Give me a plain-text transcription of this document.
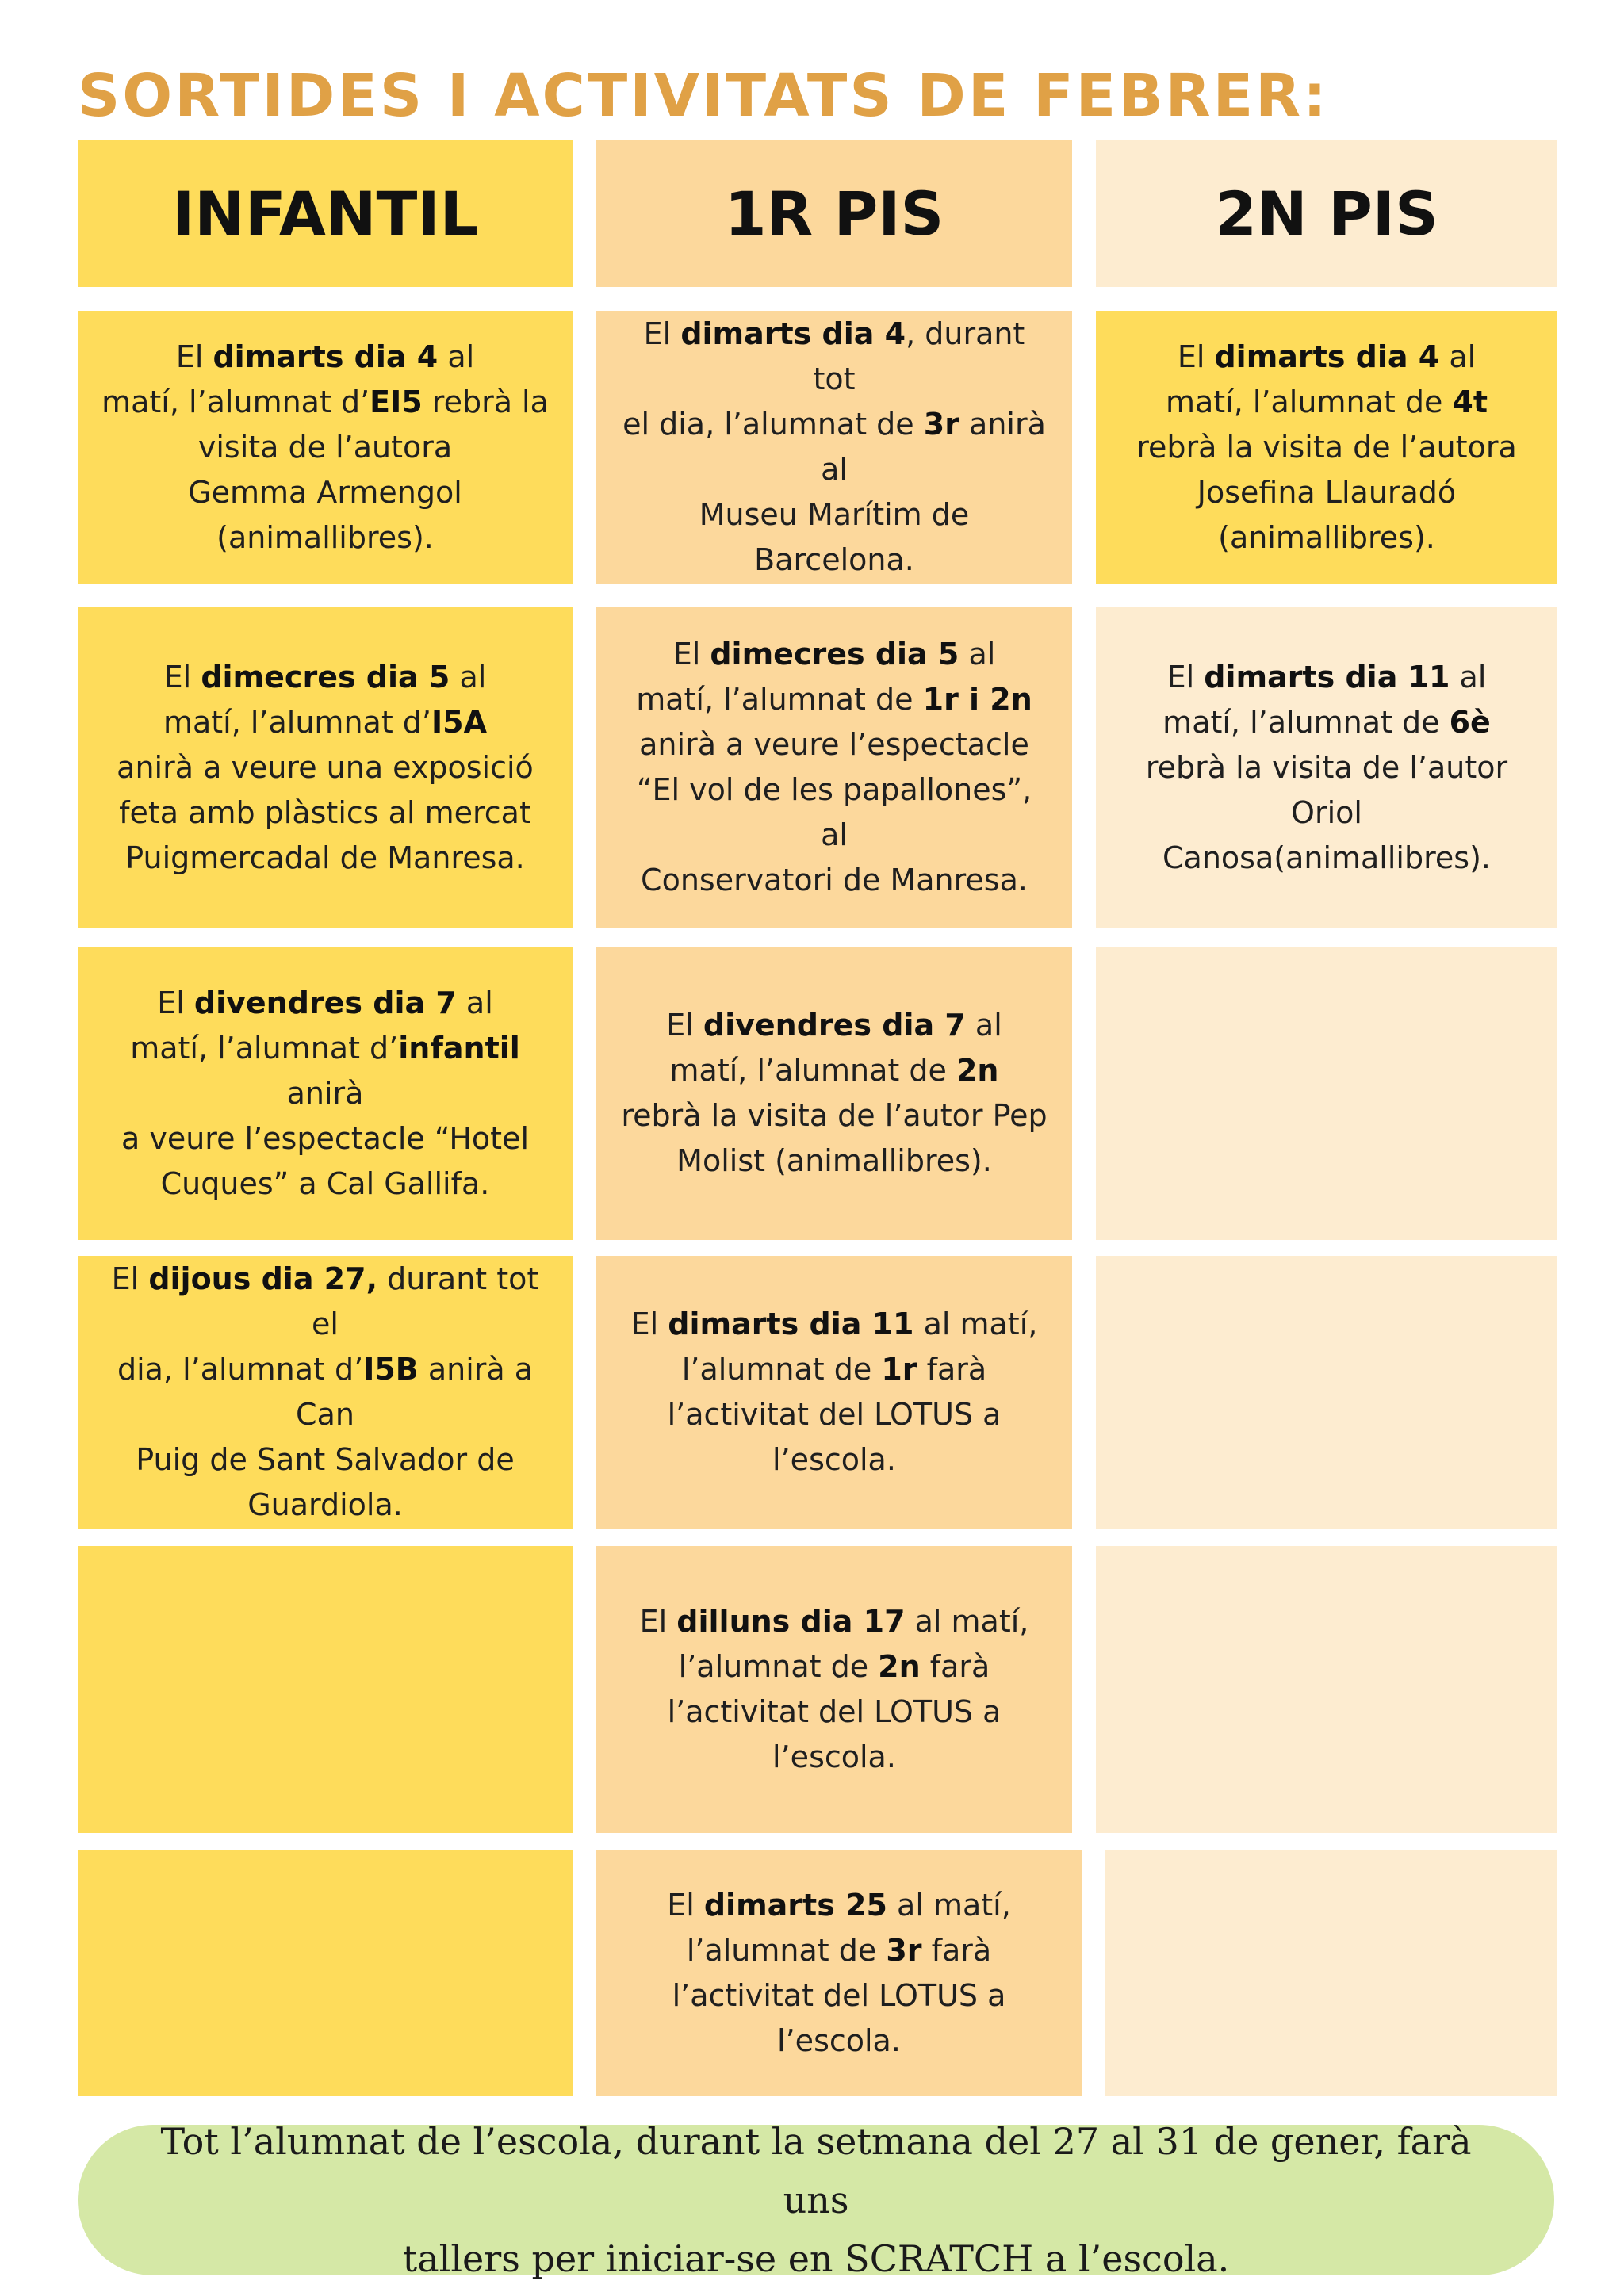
SORTIDES I ACTIVITATS DE FEBRER:
INFANTIL	1R PIS	2N PIS
El dimarts dia 4 al
matí, l’alumnat d’EI5 rebrà la
visita de l’autora
Gemma Armengol
(animallibres).
El dimecres dia 5 al
matí, l’alumnat d’I5A
anirà a veure una exposició
feta amb plàstics al mercat
Puigmercadal de Manresa.
El divendres dia 7 al
matí, l’alumnat d’infantil anirà
a veure l’espectacle “Hotel
Cuques” a Cal Gallifa.
El dijous dia 27, durant tot el
dia, l’alumnat d’I5B anirà a Can
Puig de Sant Salvador de
Guardiola.
El dimarts dia 4, durant tot
el dia, l’alumnat de 3r anirà al
Museu Marítim de Barcelona.
El dimecres dia 5 al
matí, l’alumnat de 1r i 2n
anirà a veure l’espectacle
“El vol de les papallones”, al
Conservatori de Manresa.
El divendres dia 7 al
matí, l’alumnat de 2n
rebrà la visita de l’autor Pep
Molist (animallibres).
El dimarts dia 11 al matí,
l’alumnat de 1r farà
l’activitat del LOTUS a
l’escola.
El dilluns dia 17 al matí,
l’alumnat de 2n farà
l’activitat del LOTUS a
l’escola.
El dimarts 25 al matí,
l’alumnat de 3r farà
l’activitat del LOTUS a
l’escola.
El dimarts dia 4 al
matí, l’alumnat de 4t
rebrà la visita de l’autora
Josefina Llauradó
(animallibres).
El dimarts dia 11 al
matí, l’alumnat de 6è
rebrà la visita de l’autor Oriol
Canosa(animallibres).
Tot l’alumnat de l’escola, durant la setmana del 27 al 31 de gener, farà uns
tallers per iniciar-se en SCRATCH a l’escola.
